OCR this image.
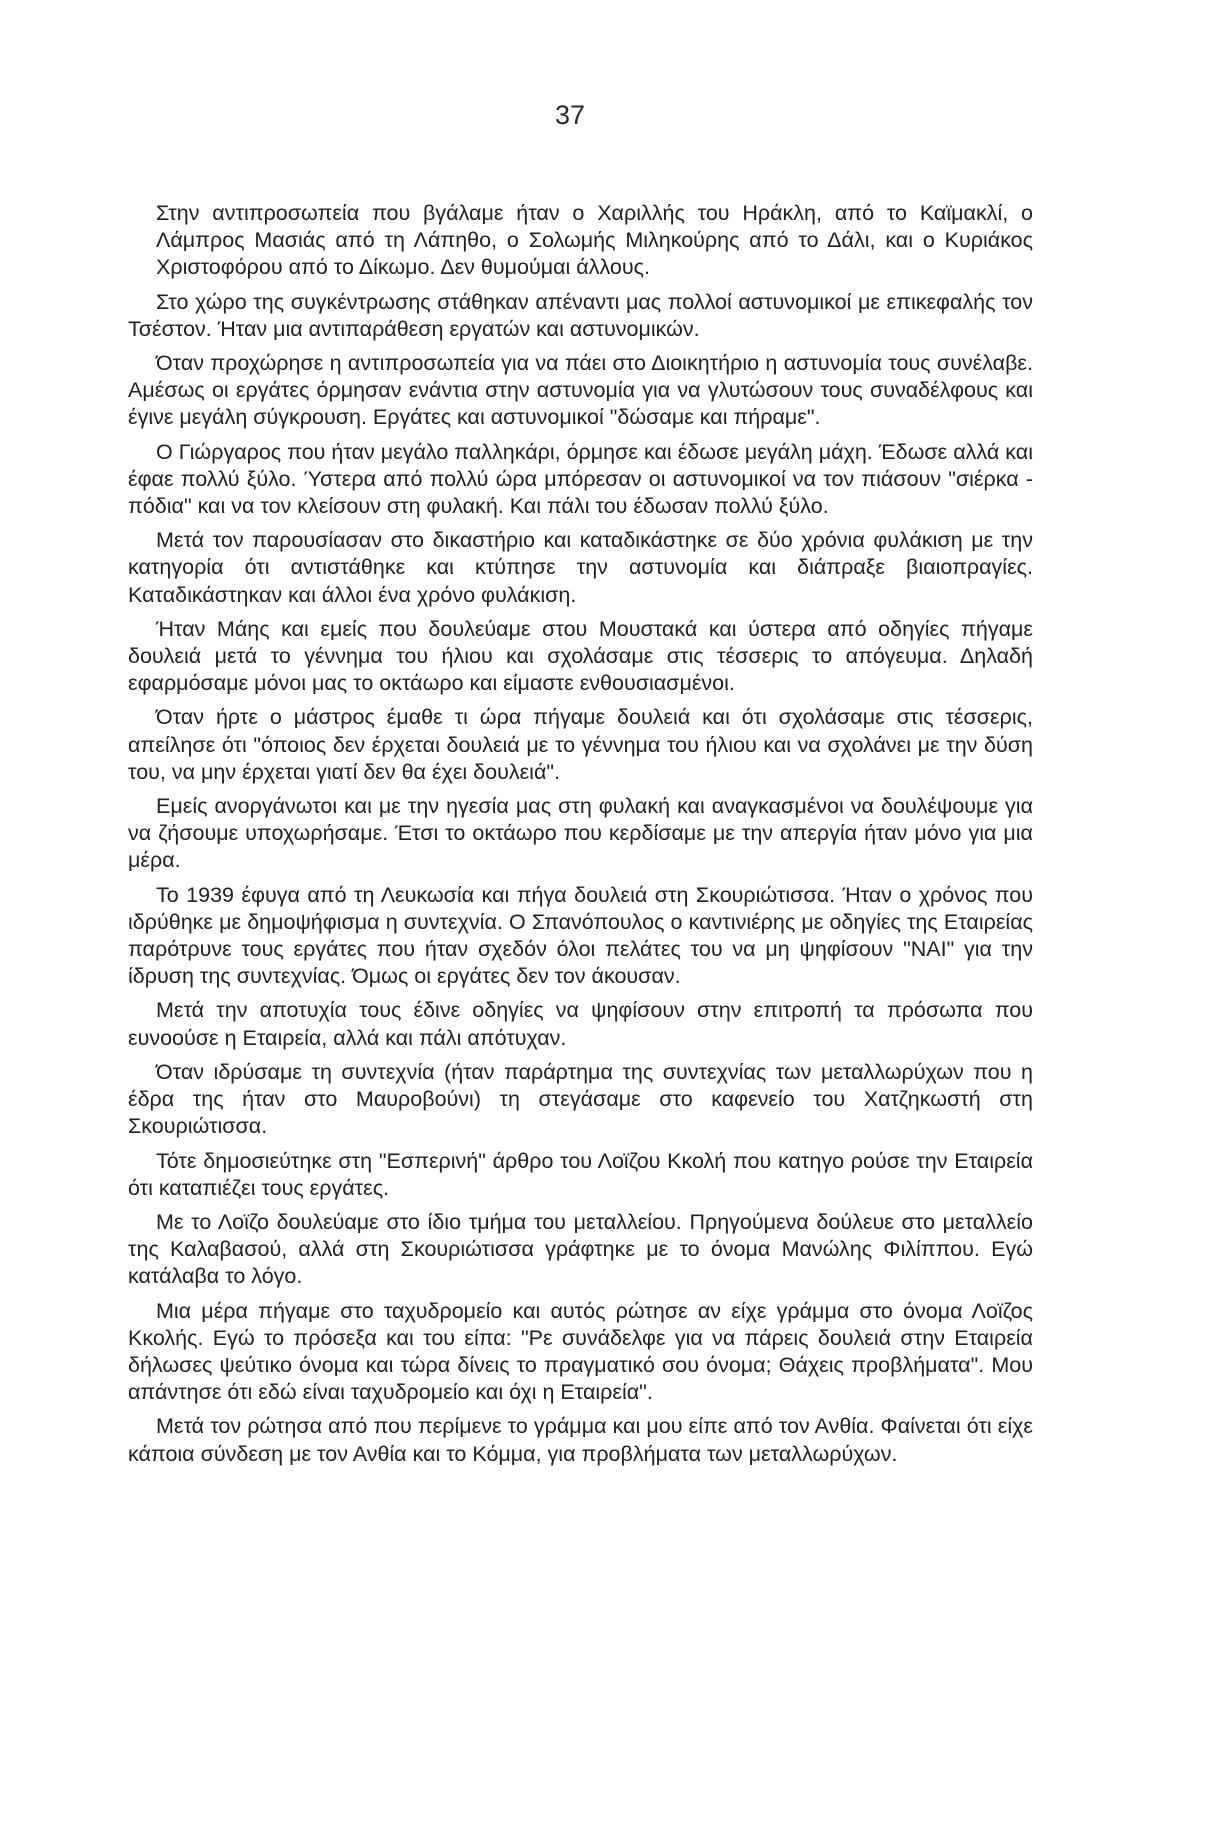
37

Στην αντιπροσωπεία που βγάλαμε ήταν ο Χαριλλής του Ηράκλη, από το Καϊμακλί, ο Λάμπρος Μασιάς από τη Λάπηθο, ο Σολωμής Μιληκούρης από το Δάλι, και ο Κυριάκος Χριστοφόρου από το Δίκωμο. Δεν θυμούμαι άλλους.

Στο χώρο της συγκέντρωσης στάθηκαν απέναντι μας πολλοί αστυνομικοί με επικεφαλής τον Τσέστον. Ήταν μια αντιπαράθεση εργατών και αστυνομικών.

Όταν προχώρησε η αντιπροσωπεία για να πάει στο Διοικητήριο η αστυνομία τους συνέλαβε. Αμέσως οι εργάτες όρμησαν ενάντια στην αστυνομία για να γλυτώσουν τους συναδέλφους και έγινε μεγάλη σύγκρουση. Εργάτες και αστυνομικοί "δώσαμε και πήραμε".

Ο Γιώργαρος που ήταν μεγάλο παλληκάρι, όρμησε και έδωσε μεγάλη μάχη. Έδωσε αλλά και έφαε πολλύ ξύλο. Ύστερα από πολλύ ώρα μπόρεσαν οι αστυνομικοί να τον πιάσουν "σιέρκα - πόδια" και να τον κλείσουν στη φυλακή. Και πάλι του έδωσαν πολλύ ξύλο.

Μετά τον παρουσίασαν στο δικαστήριο και καταδικάστηκε σε δύο χρόνια φυλάκιση με την κατηγορία ότι αντιστάθηκε και κτύπησε την αστυνομία και διάπραξε βιαιοπραγίες. Καταδικάστηκαν και άλλοι ένα χρόνο φυλάκιση.

Ήταν Μάης και εμείς που δουλεύαμε στου Μουστακά και ύστερα από οδηγίες πήγαμε δουλειά μετά το γέννημα του ήλιου και σχολάσαμε στις τέσσερις το απόγευμα. Δηλαδή εφαρμόσαμε μόνοι μας το οκτάωρο και είμαστε ενθουσιασμένοι.

Όταν ήρτε ο μάστρος έμαθε τι ώρα πήγαμε δουλειά και ότι σχολάσαμε στις τέσσερις, απείλησε ότι "όποιος δεν έρχεται δουλειά με το γέννημα του ήλιου και να σχολάνει με την δύση του, να μην έρχεται γιατί δεν θα έχει δουλειά".

Εμείς ανοργάνωτοι και με την ηγεσία μας στη φυλακή και αναγκασμένοι να δουλέψουμε για να ζήσουμε υποχωρήσαμε. Έτσι το οκτάωρο που κερδίσαμε με την απεργία ήταν μόνο για μια μέρα.

Το 1939 έφυγα από τη Λευκωσία και πήγα δουλειά στη Σκουριώτισσα. Ήταν ο χρόνος που ιδρύθηκε με δημοψήφισμα η συντεχνία. Ο Σπανόπουλος ο καντινιέρης με οδηγίες της Εταιρείας παρότρυνε τους εργάτες που ήταν σχεδόν όλοι πελάτες του να μη ψηφίσουν "ΝΑΙ" για την ίδρυση της συντεχνίας. Όμως οι εργάτες δεν τον άκουσαν.

Μετά την αποτυχία τους έδινε οδηγίες να ψηφίσουν στην επιτροπή τα πρόσωπα που ευνοούσε η Εταιρεία, αλλά και πάλι απότυχαν.

Όταν ιδρύσαμε τη συντεχνία (ήταν παράρτημα της συντεχνίας των μεταλλωρύχων που η έδρα της ήταν στο Μαυροβούνι) τη στεγάσαμε στο καφενείο του Χατζηκωστή στη Σκουριώτισσα.

Τότε δημοσιεύτηκε στη "Εσπερινή" άρθρο του Λοϊζου Κκολή που κατηγο ρούσε την Εταιρεία ότι καταπιέζει τους εργάτες.

Με το Λοϊζο δουλεύαμε στο ίδιο τμήμα του μεταλλείου. Πρηγούμενα δούλευε στο μεταλλείο της Καλαβασού, αλλά στη Σκουριώτισσα γράφτηκε με το όνομα Μανώλης Φιλίππου. Εγώ κατάλαβα το λόγο.

Μια μέρα πήγαμε στο ταχυδρομείο και αυτός ρώτησε αν είχε γράμμα στο όνομα Λοϊζος Κκολής. Εγώ το πρόσεξα και του είπα: "Ρε συνάδελφε για να πάρεις δουλειά στην Εταιρεία δήλωσες ψεύτικο όνομα και τώρα δίνεις το πραγματικό σου όνομα; Θάχεις προβλήματα". Μου απάντησε ότι εδώ είναι ταχυδρομείο και όχι η Εταιρεία".

Μετά τον ρώτησα από που περίμενε το γράμμα και μου είπε από τον Ανθία. Φαίνεται ότι είχε κάποια σύνδεση με τον Ανθία και το Κόμμα, για προβλήματα των μεταλλωρύχων.
